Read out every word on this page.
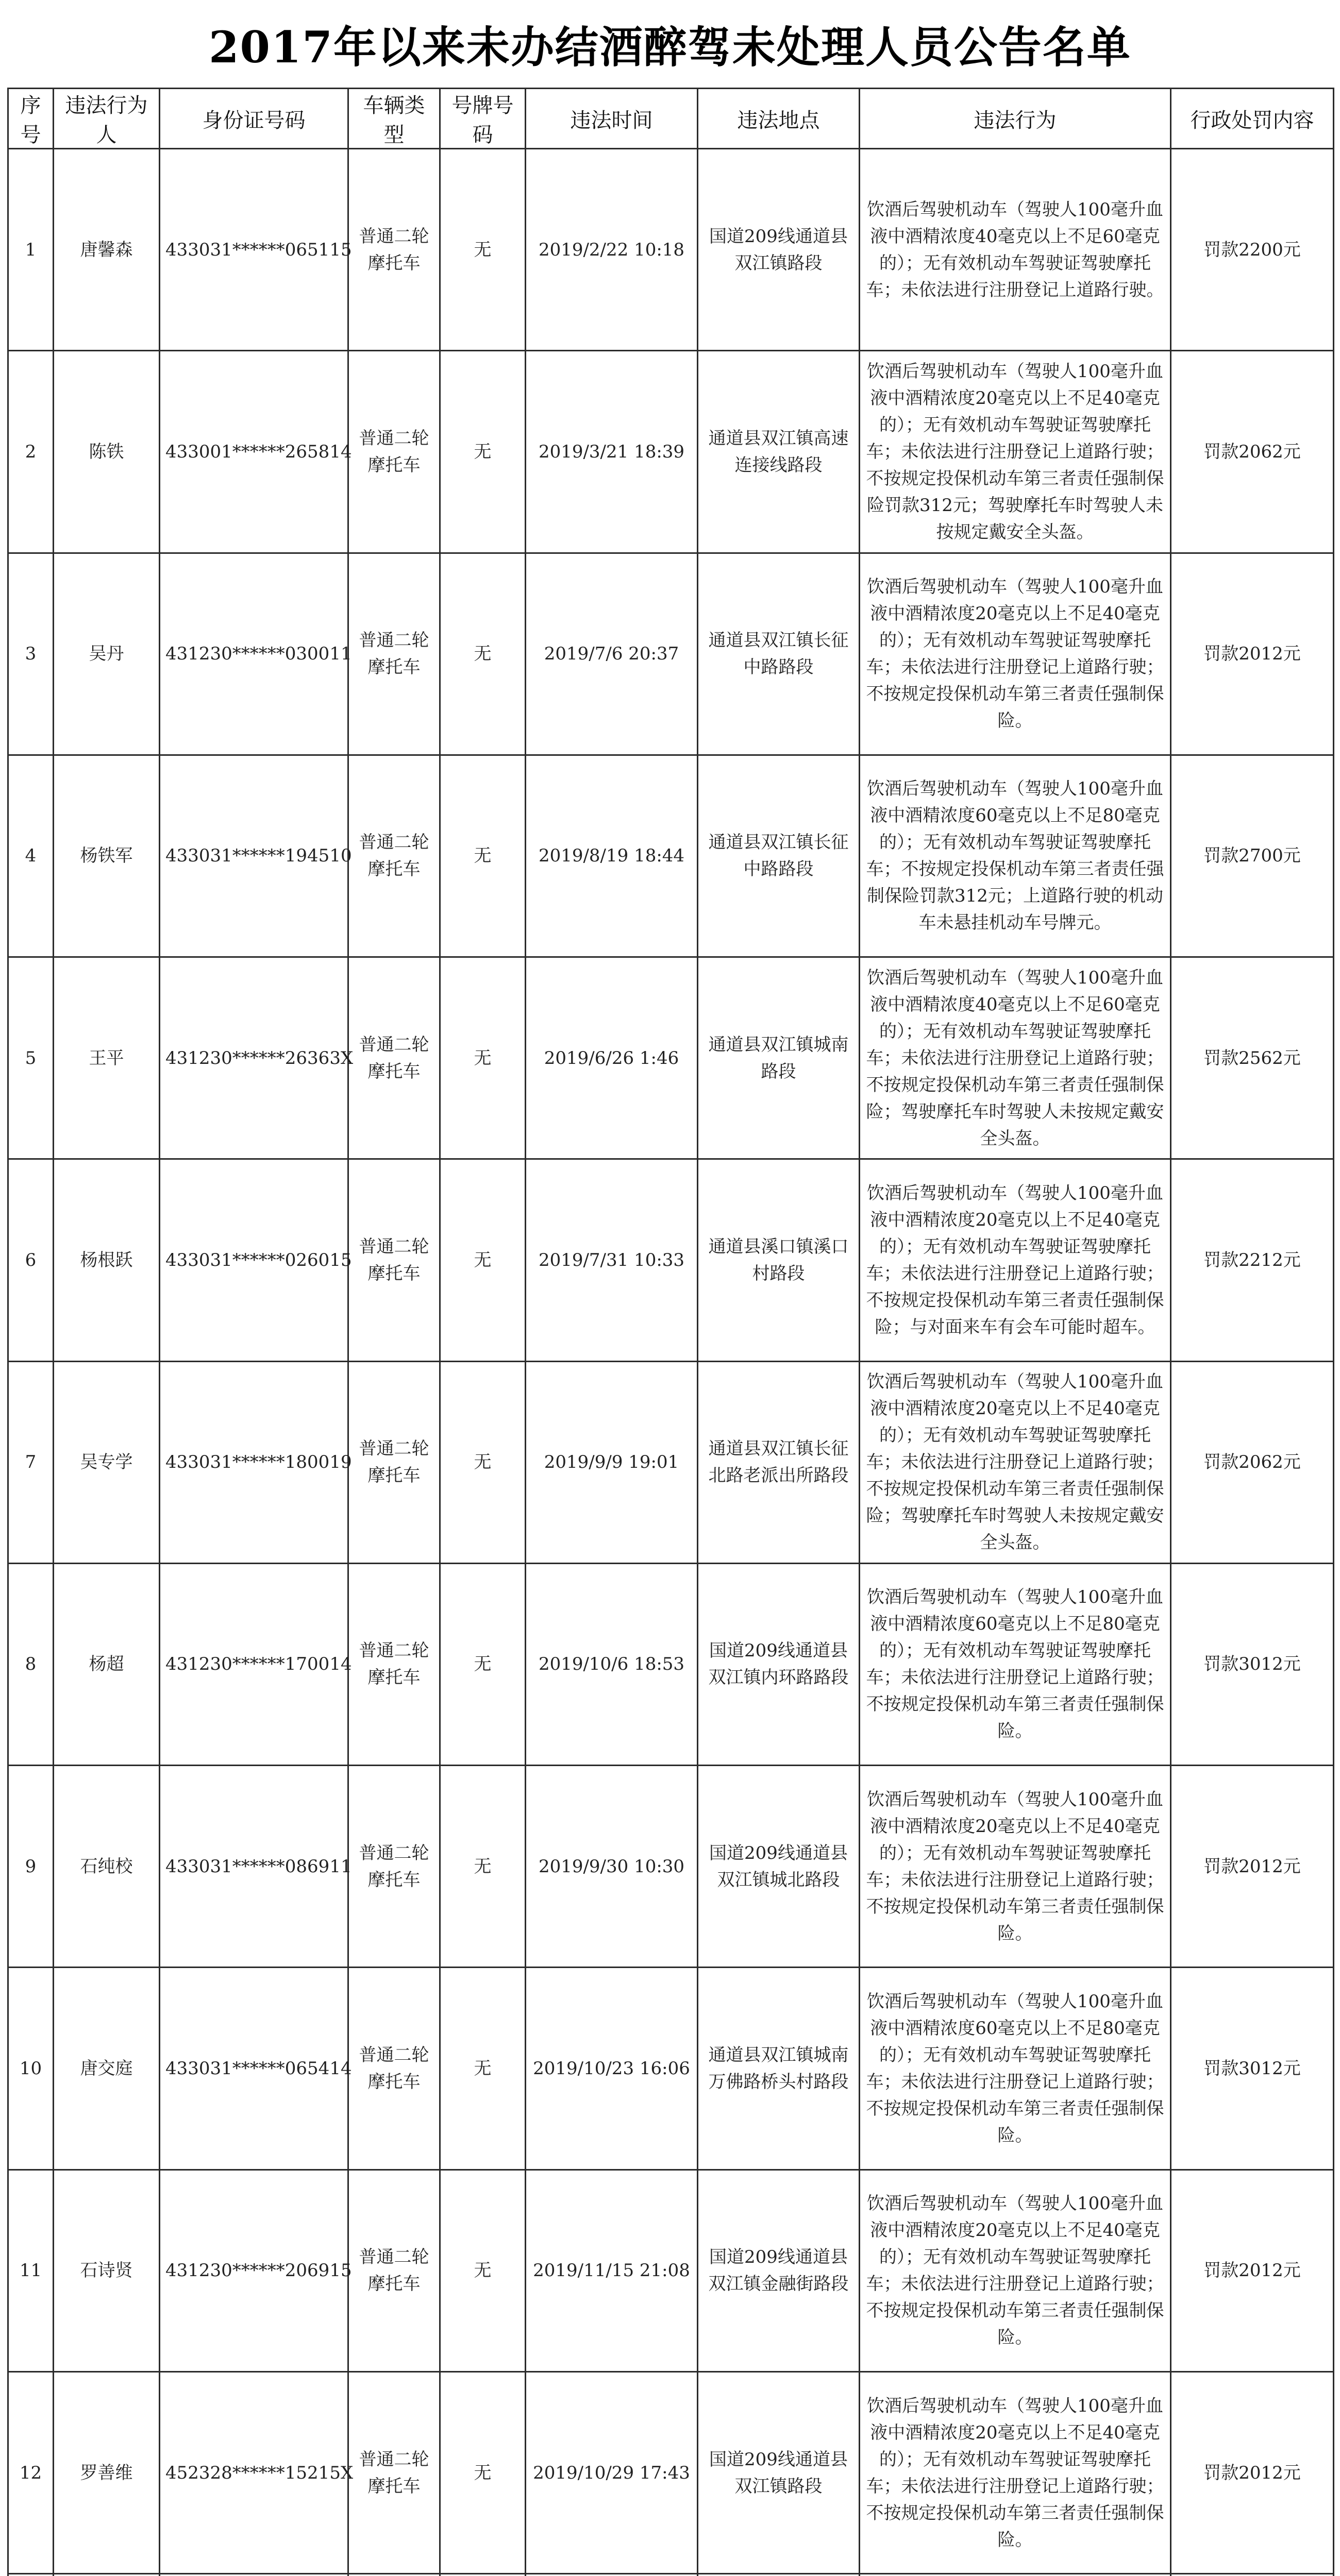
2017年以来未办结酒醉驾未处理人员公告名单
序号	违法行为人	身份证号码	车辆类型	号牌号码	违法时间	违法地点	违法行为	行政处罚内容
1	唐馨森	433031******065115	普通二轮摩托车	无	2019/2/22 10:18	国道209线通道县双江镇路段	饮酒后驾驶机动车（驾驶人100毫升血液中酒精浓度40毫克以上不足60毫克的）；无有效机动车驾驶证驾驶摩托车；未依法进行注册登记上道路行驶。	罚款2200元
2	陈铁	433001******265814	普通二轮摩托车	无	2019/3/21 18:39	通道县双江镇高速连接线路段	饮酒后驾驶机动车（驾驶人100毫升血液中酒精浓度20毫克以上不足40毫克的）；无有效机动车驾驶证驾驶摩托车；未依法进行注册登记上道路行驶；不按规定投保机动车第三者责任强制保险罚款312元；驾驶摩托车时驾驶人未按规定戴安全头盔。	罚款2062元
3	吴丹	431230******030011	普通二轮摩托车	无	2019/7/6 20:37	通道县双江镇长征中路路段	饮酒后驾驶机动车（驾驶人100毫升血液中酒精浓度20毫克以上不足40毫克的）；无有效机动车驾驶证驾驶摩托车；未依法进行注册登记上道路行驶；不按规定投保机动车第三者责任强制保险。	罚款2012元
4	杨铁军	433031******194510	普通二轮摩托车	无	2019/8/19 18:44	通道县双江镇长征中路路段	饮酒后驾驶机动车（驾驶人100毫升血液中酒精浓度60毫克以上不足80毫克的）；无有效机动车驾驶证驾驶摩托车；不按规定投保机动车第三者责任强制保险罚款312元；上道路行驶的机动车未悬挂机动车号牌元。	罚款2700元
5	王平	431230******26363X	普通二轮摩托车	无	2019/6/26 1:46	通道县双江镇城南路段	饮酒后驾驶机动车（驾驶人100毫升血液中酒精浓度40毫克以上不足60毫克的）；无有效机动车驾驶证驾驶摩托车；未依法进行注册登记上道路行驶；不按规定投保机动车第三者责任强制保险；驾驶摩托车时驾驶人未按规定戴安全头盔。	罚款2562元
6	杨根跃	433031******026015	普通二轮摩托车	无	2019/7/31 10:33	通道县溪口镇溪口村路段	饮酒后驾驶机动车（驾驶人100毫升血液中酒精浓度20毫克以上不足40毫克的）；无有效机动车驾驶证驾驶摩托车；未依法进行注册登记上道路行驶；不按规定投保机动车第三者责任强制保险；与对面来车有会车可能时超车。	罚款2212元
7	吴专学	433031******180019	普通二轮摩托车	无	2019/9/9 19:01	通道县双江镇长征北路老派出所路段	饮酒后驾驶机动车（驾驶人100毫升血液中酒精浓度20毫克以上不足40毫克的）；无有效机动车驾驶证驾驶摩托车；未依法进行注册登记上道路行驶；不按规定投保机动车第三者责任强制保险；驾驶摩托车时驾驶人未按规定戴安全头盔。	罚款2062元
8	杨超	431230******170014	普通二轮摩托车	无	2019/10/6 18:53	国道209线通道县双江镇内环路路段	饮酒后驾驶机动车（驾驶人100毫升血液中酒精浓度60毫克以上不足80毫克的）；无有效机动车驾驶证驾驶摩托车；未依法进行注册登记上道路行驶；不按规定投保机动车第三者责任强制保险。	罚款3012元
9	石纯校	433031******086911	普通二轮摩托车	无	2019/9/30 10:30	国道209线通道县双江镇城北路段	饮酒后驾驶机动车（驾驶人100毫升血液中酒精浓度20毫克以上不足40毫克的）；无有效机动车驾驶证驾驶摩托车；未依法进行注册登记上道路行驶；不按规定投保机动车第三者责任强制保险。	罚款2012元
10	唐交庭	433031******065414	普通二轮摩托车	无	2019/10/23 16:06	通道县双江镇城南万佛路桥头村路段	饮酒后驾驶机动车（驾驶人100毫升血液中酒精浓度60毫克以上不足80毫克的）；无有效机动车驾驶证驾驶摩托车；未依法进行注册登记上道路行驶；不按规定投保机动车第三者责任强制保险。	罚款3012元
11	石诗贤	431230******206915	普通二轮摩托车	无	2019/11/15 21:08	国道209线通道县双江镇金融街路段	饮酒后驾驶机动车（驾驶人100毫升血液中酒精浓度20毫克以上不足40毫克的）；无有效机动车驾驶证驾驶摩托车；未依法进行注册登记上道路行驶；不按规定投保机动车第三者责任强制保险。	罚款2012元
12	罗善维	452328******15215X	普通二轮摩托车	无	2019/10/29 17:43	国道209线通道县双江镇路段	饮酒后驾驶机动车（驾驶人100毫升血液中酒精浓度20毫克以上不足40毫克的）；无有效机动车驾驶证驾驶摩托车；未依法进行注册登记上道路行驶；不按规定投保机动车第三者责任强制保险。	罚款2012元
